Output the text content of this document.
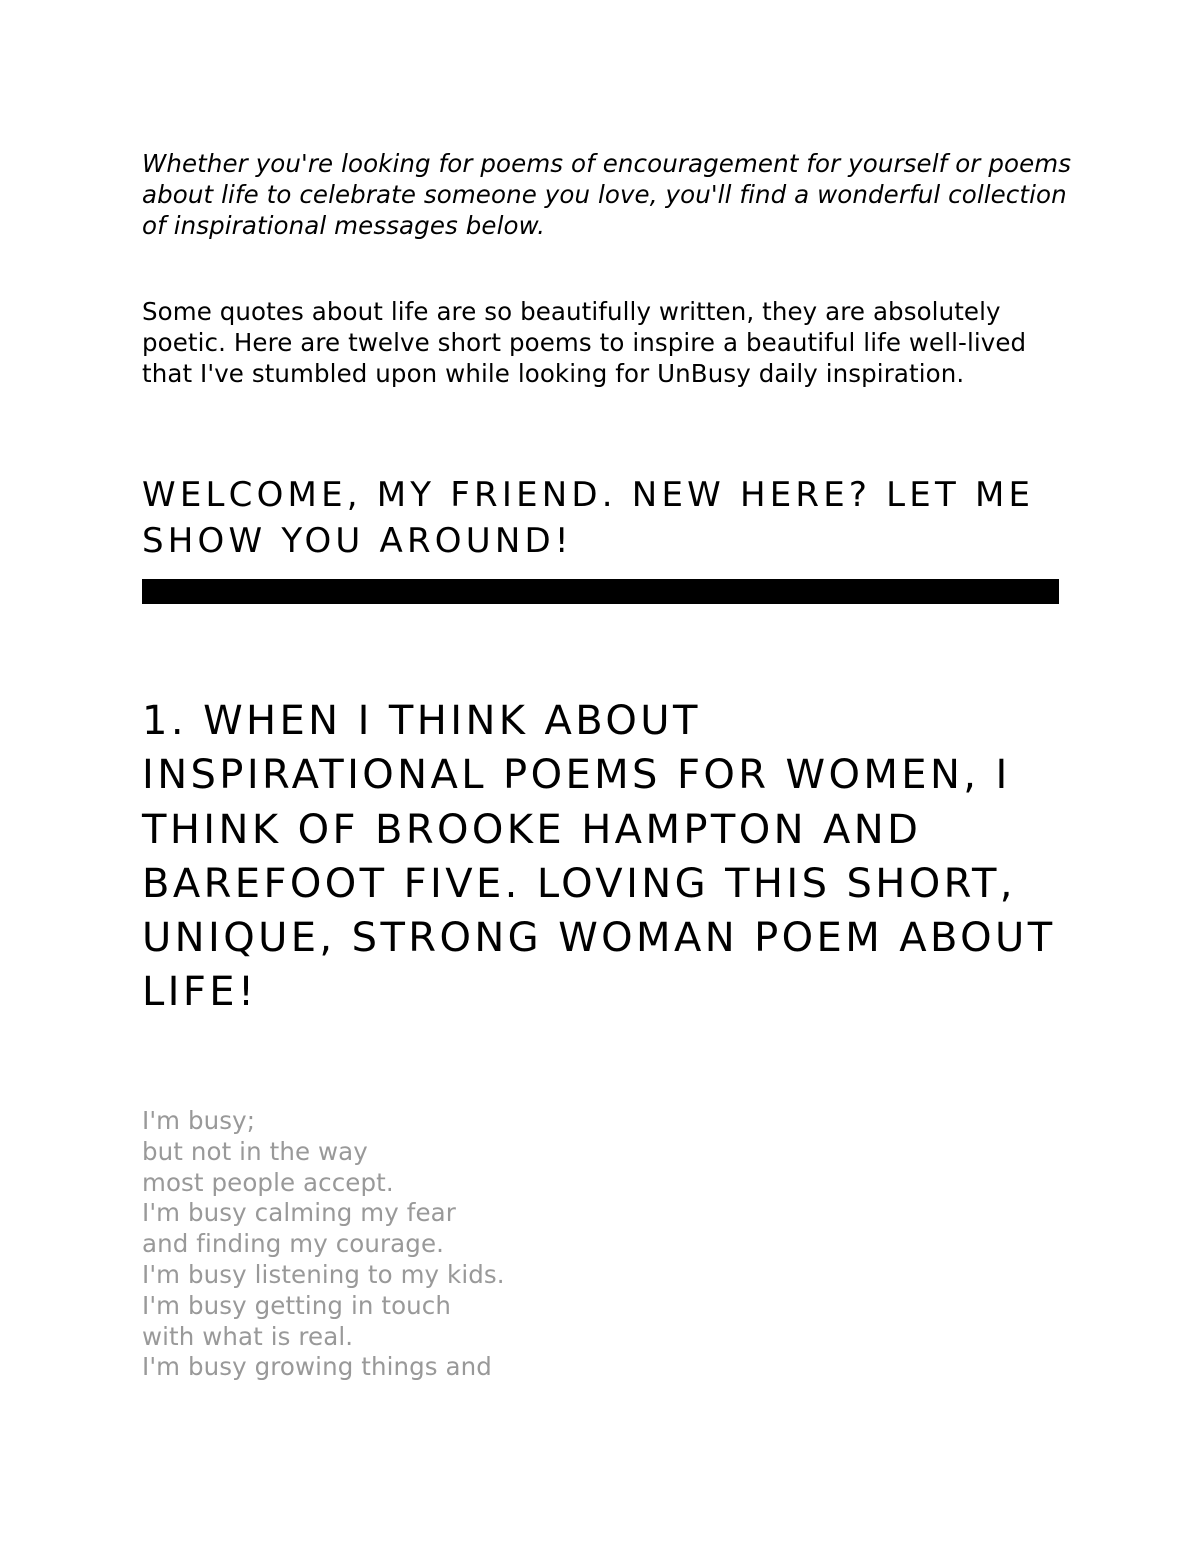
Whether you're looking for poems of encouragement for yourself or poems about life to celebrate someone you love, you'll find a wonderful collection of inspirational messages below.

Some quotes about life are so beautifully written, they are absolutely poetic. Here are twelve short poems to inspire a beautiful life well-lived that I've stumbled upon while looking for UnBusy daily inspiration.

WELCOME, MY FRIEND. NEW HERE? LET ME SHOW YOU AROUND!
1. WHEN I THINK ABOUT INSPIRATIONAL POEMS FOR WOMEN, I THINK OF BROOKE HAMPTON AND BAREFOOT FIVE. LOVING THIS SHORT, UNIQUE, STRONG WOMAN POEM ABOUT LIFE!
I'm busy;
but not in the way
most people accept.
I'm busy calming my fear
and finding my courage.
I'm busy listening to my kids.
I'm busy getting in touch
with what is real.
I'm busy growing things and
